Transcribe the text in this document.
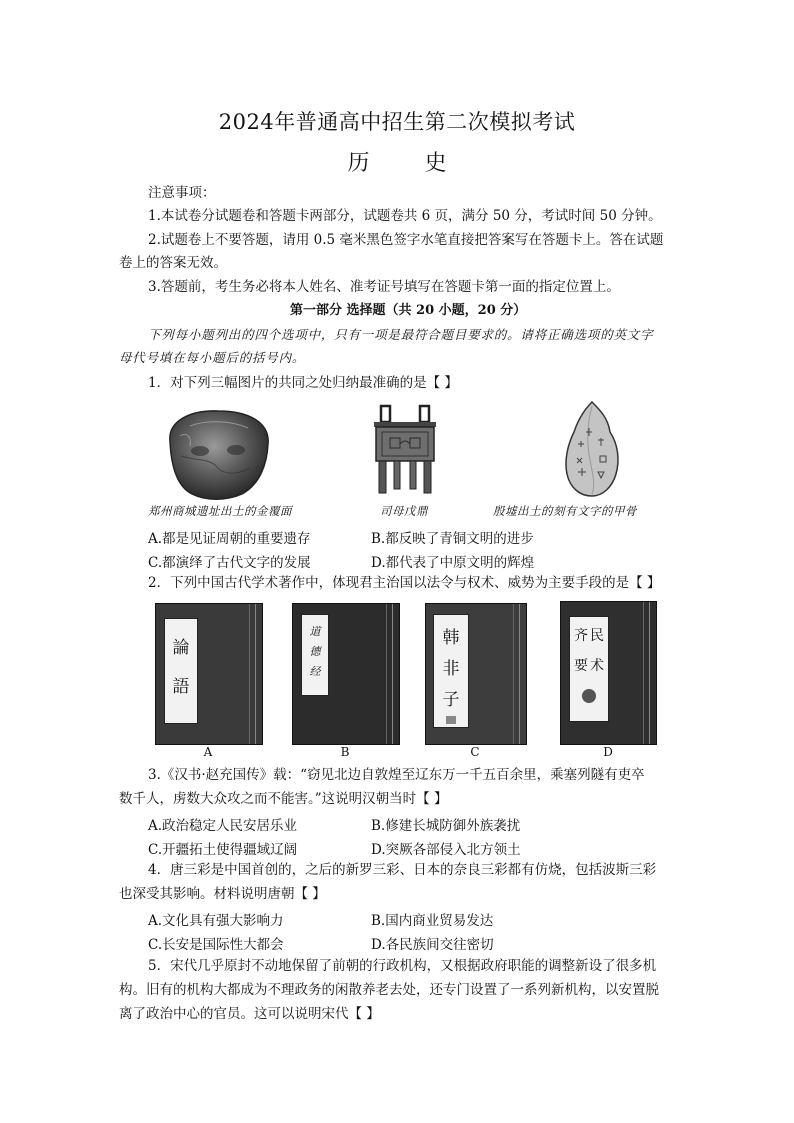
2024年普通高中招生第二次模拟考试
历 史
注意事项：
1.本试卷分试题卷和答题卡两部分，试题卷共 6 页，满分 50 分，考试时间 50 分钟。
2.试题卷上不要答题，请用 0.5 毫米黑色签字水笔直接把答案写在答题卡上。答在试题
卷上的答案无效。
3.答题前，考生务必将本人姓名、准考证号填写在答题卡第一面的指定位置上。
第一部分 选择题（共 20 小题，20 分）
下列每小题列出的四个选项中，只有一项是最符合题目要求的。请将正确选项的英文字
母代号填在每小题后的括号内。
1．对下列三幅图片的共同之处归纳最准确的是【 】
郑州商城遗址出土的金覆面	司母戊鼎	殷墟出土的刻有文字的甲骨
A.都是见证周朝的重要遗存	B.都反映了青铜文明的进步
C.都演绎了古代文字的发展	D.都代表了中原文明的辉煌
2．下列中国古代学术著作中，体现君主治国以法令与权术、威势为主要手段的是【 】
論
語
A
道
德
经
B
韩
非
子
C
齐 民
要 术
D
3.《汉书·赵充国传》载：“窃见北边自敦煌至辽东万一千五百余里，乘塞列隧有吏卒
数千人，虏数大众攻之而不能害。”这说明汉朝当时【 】
A.政治稳定人民安居乐业	B.修建长城防御外族袭扰
C.开疆拓土使得疆域辽阔	D.突厥各部侵入北方领土
4．唐三彩是中国首创的，之后的新罗三彩、日本的奈良三彩都有仿烧，包括波斯三彩
也深受其影响。材料说明唐朝【 】
A.文化具有强大影响力	B.国内商业贸易发达
C.长安是国际性大都会	D.各民族间交往密切
5．宋代几乎原封不动地保留了前朝的行政机构，又根据政府职能的调整新设了很多机
构。旧有的机构大都成为不理政务的闲散养老去处，还专门设置了一系列新机构，以安置脱
离了政治中心的官员。这可以说明宋代【 】
